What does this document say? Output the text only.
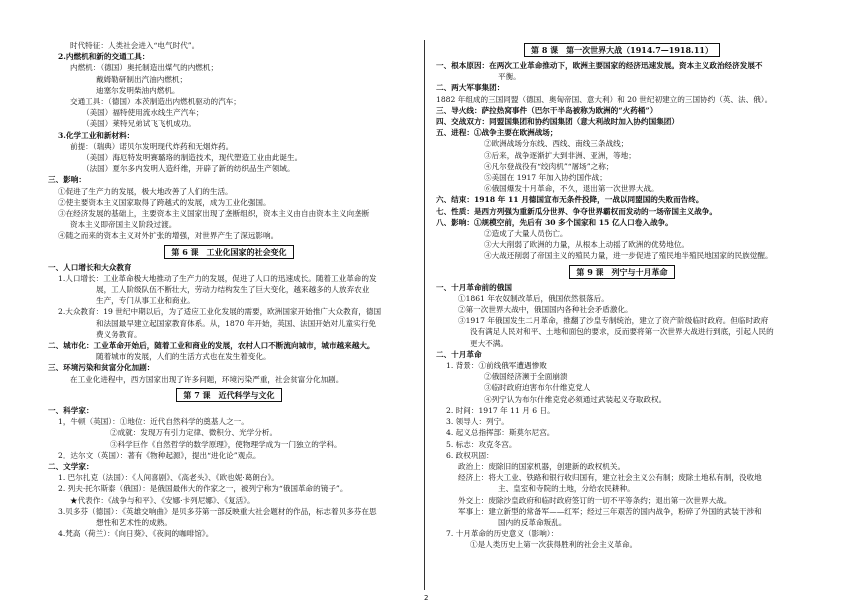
时代特征：人类社会进入“电气时代”。
2.内燃机和新的交通工具：
内燃机：（德国）奥托制造出煤气的内燃机；
戴姆勒研制出汽油内燃机；
迪塞尔发明柴油内燃机。
交通工具：（德国）本茨制造出内燃机驱动的汽车；
（美国）福特使用流水线生产汽车；
（美国）莱特兄弟试飞飞机成功。
3.化学工业和新材料：
前提：（瑞典）诺贝尔发明现代炸药和无烟炸药。
（美国）海厄特发明赛璐珞的制造技术，现代塑造工业由此诞生。
（法国）夏尔多内发明人造纤维，开辟了新的纺织品生产领域。
三、影响：
①促进了生产力的发展，极大地改善了人们的生活。
②使主要资本主义国家取得了跨越式的发展，成为工业化强国。
③在经济发展的基础上，主要资本主义国家出现了垄断组织，资本主义由自由资本主义向垄断
资本主义即帝国主义阶段过渡。
④随之而来的资本主义对外扩张的增强，对世界产生了深远影响。
第 6 课　工业化国家的社会变化
一、人口增长和大众教育
1.人口增长：工业革命极大地推动了生产力的发展，促进了人口的迅速成长。随着工业革命的发
展，工人阶级队伍不断壮大，劳动力结构发生了巨大变化，越来越多的人放弃农业
生产，专门从事工业和商业。
2.大众教育：19 世纪中期以后，为了适应工业化发展的需要，欧洲国家开始推广大众教育，德国
和法国最早建立起国家教育体系。从，1870 年开始，英国、法国开始对儿童实行免
费义务教育。
二、城市化：工业革命开始后，随着工业和商业的发展，农村人口不断流向城市，城市越来越大。
随着城市的发展，人们的生活方式也在发生着变化。
三、环境污染和贫富分化加剧：
在工业化进程中，西方国家出现了许多问题，环境污染严重，社会贫富分化加剧。
第 7 课　近代科学与文化
一、科学家：
1，牛顿（英国）：①地位：近代自然科学的奠基人之一。
②成就：发现万有引力定律、微积分、光学分析。
③科学巨作《自然哲学的数学原理》，使物理学成为一门独立的学科。
2．达尔文（英国）：著有《物种起源》，提出“进化论”观点。
二、文学家：
1. 巴尔扎克（法国）：《人间喜剧》、《高老头》、《欧也妮·葛朗台》。
2. 列夫·托尔斯泰（俄国）：是俄国最伟大的作家之一，被列宁称为“俄国革命的镜子”。
★代表作：《战争与和平》、《安娜·卡列尼娜》、《复活》。
3.贝多芬（德国）：《英雄交响曲》是贝多芬第一部反映重大社会题材的作品，标志着贝多芬在思
想性和艺术性的成熟。
4.梵高（荷兰）：《向日葵》、《夜间的咖啡馆》。
第 8 课　第一次世界大战（1914.7—1918.11）
一、根本原因：在两次工业革命推动下，欧洲主要国家的经济迅速发展。资本主义政治经济发展不
平衡。
二、两大军事集团：
1882 年组成的三国同盟（德国、奥匈帝国、意大利）和 20 世纪初建立的三国协约（英、法、俄）。
三、导火线：萨拉热窝事件（巴尔干半岛被称为欧洲的“火药桶”）
四、交战双方：同盟国集团和协约国集团（意大利战时加入协约国集团）
五、进程：①战争主要在欧洲战场；
②欧洲战场分东线、西线、南线三条战线；
③后来，战争逐渐扩大到非洲、亚洲，等地；
④凡尔登战役有“绞肉机”“屠场”之称；
⑤美国在 1917 年加入协约国作战；
⑥俄国爆发十月革命，不久，退出第一次世界大战。
六、结束：1918 年 11 月德国宣布无条件投降，一战以同盟国的失败而告终。
七、性质：是西方列强为重新瓜分世界、争夺世界霸权而发动的一场帝国主义战争。
八、影响：①规模空前，先后有 30 多个国家和 15 亿人口卷入战争。
②造成了大量人员伤亡。
③大大削弱了欧洲的力量，从根本上动摇了欧洲的优势地位。
④大战还削弱了帝国主义的殖民力量，进一步促进了殖民地半殖民地国家的民族觉醒。
第 9 课　列宁与十月革命
一、十月革命前的俄国
①1861 年农奴制改革后，俄国依然很落后。
②第一次世界大战中，俄国国内各种社会矛盾激化。
③1917 年俄国发生二月革命，推翻了沙皇专制统治，建立了资产阶级临时政府。但临时政府
没有满足人民对和平、土地和面包的要求，反而要将第一次世界大战进行到底，引起人民的
更大不满。
二、十月革命
1. 背景：①前线俄军遭遇惨败
②俄国经济濒于全面崩溃
③临时政府迫害布尔什维克党人
④列宁认为布尔什维克党必须通过武装起义夺取政权。
2. 时间：1917 年 11 月 6 日。
3. 领导人：列宁。
4. 起义总指挥部：斯莫尔尼宫。
5. 标志：攻克冬宫。
6. 政权巩固：
政治上：废除旧的国家机器，创建新的政权机关。
经济上：将大工业、铁路和银行收归国有，建立社会主义公有制；废除土地私有制，没收地
主、皇室和寺院的土地，分给农民耕种。
外交上：废除沙皇政府和临时政府签订的一切不平等条约；退出第一次世界大战。
军事上：建立新型的常备军——红军；经过三年艰苦的国内战争，粉碎了外国的武装干涉和
国内的反革命叛乱。
7. 十月革命的历史意义（影响）：
①是人类历史上第一次获得胜利的社会主义革命。
2
